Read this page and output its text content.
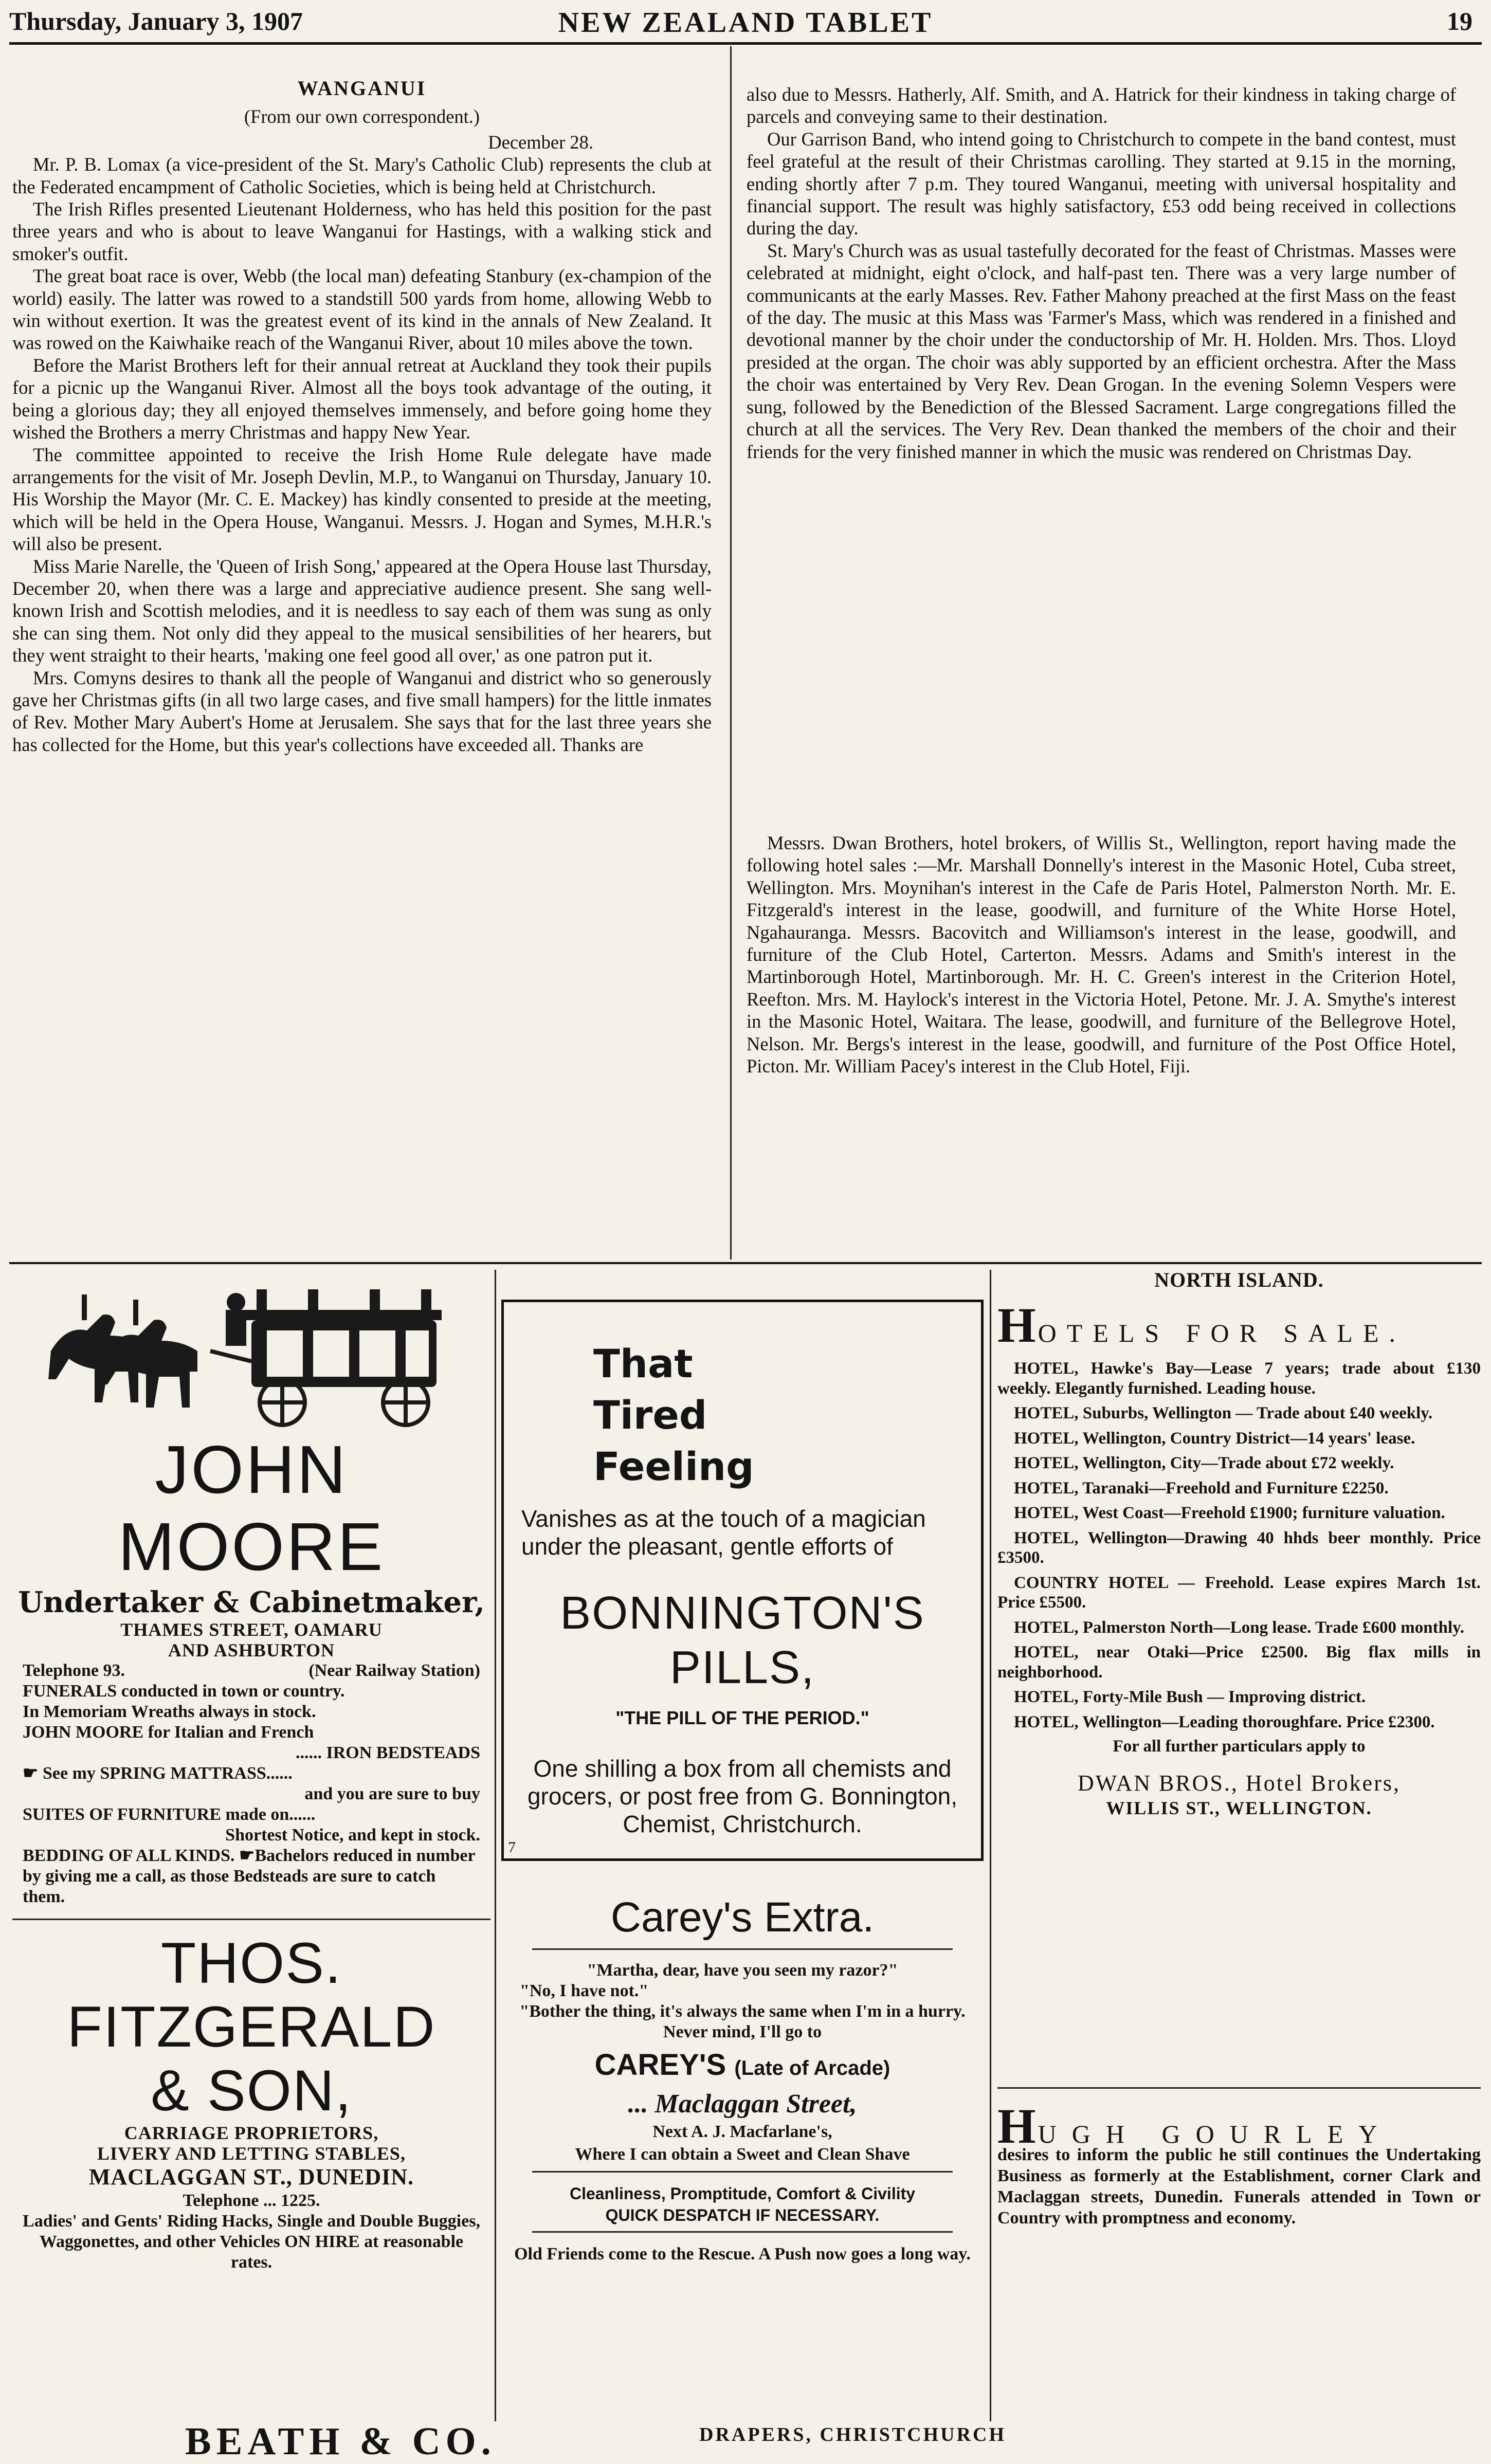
Thursday, January 3, 1907	NEW ZEALAND TABLET	19
WANGANUI
(From our own correspondent.)
December 28.

Mr. P. B. Lomax (a vice-president of the St. Mary's Catholic Club) represents the club at the Federated encampment of Catholic Societies, which is being held at Christchurch.

The Irish Rifles presented Lieutenant Holderness, who has held this position for the past three years and who is about to leave Wanganui for Hastings, with a walking stick and smoker's outfit.

The great boat race is over, Webb (the local man) defeating Stanbury (ex-champion of the world) easily. The latter was rowed to a standstill 500 yards from home, allowing Webb to win without exertion. It was the greatest event of its kind in the annals of New Zealand. It was rowed on the Kaiwhaike reach of the Wanganui River, about 10 miles above the town.

Before the Marist Brothers left for their annual retreat at Auckland they took their pupils for a picnic up the Wanganui River. Almost all the boys took advantage of the outing, it being a glorious day; they all enjoyed themselves immensely, and before going home they wished the Brothers a merry Christmas and happy New Year.

The committee appointed to receive the Irish Home Rule delegate have made arrangements for the visit of Mr. Joseph Devlin, M.P., to Wanganui on Thursday, January 10. His Worship the Mayor (Mr. C. E. Mackey) has kindly consented to preside at the meeting, which will be held in the Opera House, Wanganui. Messrs. J. Hogan and Symes, M.H.R.'s will also be present.

Miss Marie Narelle, the 'Queen of Irish Song,' appeared at the Opera House last Thursday, December 20, when there was a large and appreciative audience present. She sang well-known Irish and Scottish melodies, and it is needless to say each of them was sung as only she can sing them. Not only did they appeal to the musical sensibilities of her hearers, but they went straight to their hearts, 'making one feel good all over,' as one patron put it.

Mrs. Comyns desires to thank all the people of Wanganui and district who so generously gave her Christmas gifts (in all two large cases, and five small hampers) for the little inmates of Rev. Mother Mary Aubert's Home at Jerusalem. She says that for the last three years she has collected for the Home, but this year's collections have exceeded all. Thanks are

also due to Messrs. Hatherly, Alf. Smith, and A. Hatrick for their kindness in taking charge of parcels and conveying same to their destination.

Our Garrison Band, who intend going to Christchurch to compete in the band contest, must feel grateful at the result of their Christmas carolling. They started at 9.15 in the morning, ending shortly after 7 p.m. They toured Wanganui, meeting with universal hospitality and financial support. The result was highly satisfactory, £53 odd being received in collections during the day.

St. Mary's Church was as usual tastefully decorated for the feast of Christmas. Masses were celebrated at midnight, eight o'clock, and half-past ten. There was a very large number of communicants at the early Masses. Rev. Father Mahony preached at the first Mass on the feast of the day. The music at this Mass was 'Farmer's Mass, which was rendered in a finished and devotional manner by the choir under the conductorship of Mr. H. Holden. Mrs. Thos. Lloyd presided at the organ. The choir was ably supported by an efficient orchestra. After the Mass the choir was entertained by Very Rev. Dean Grogan. In the evening Solemn Vespers were sung, followed by the Benediction of the Blessed Sacrament. Large congregations filled the church at all the services. The Very Rev. Dean thanked the members of the choir and their friends for the very finished manner in which the music was rendered on Christmas Day.

Messrs. Dwan Brothers, hotel brokers, of Willis St., Wellington, report having made the following hotel sales :—Mr. Marshall Donnelly's interest in the Masonic Hotel, Cuba street, Wellington. Mrs. Moynihan's interest in the Cafe de Paris Hotel, Palmerston North. Mr. E. Fitzgerald's interest in the lease, goodwill, and furniture of the White Horse Hotel, Ngahauranga. Messrs. Bacovitch and Williamson's interest in the lease, goodwill, and furniture of the Club Hotel, Carterton. Messrs. Adams and Smith's interest in the Martinborough Hotel, Martinborough. Mr. H. C. Green's interest in the Criterion Hotel, Reefton. Mrs. M. Haylock's interest in the Victoria Hotel, Petone. Mr. J. A. Smythe's interest in the Masonic Hotel, Waitara. The lease, goodwill, and furniture of the Bellegrove Hotel, Nelson. Mr. Bergs's interest in the lease, goodwill, and furniture of the Post Office Hotel, Picton. Mr. William Pacey's interest in the Club Hotel, Fiji.

JOHN MOORE
Undertaker & Cabinetmaker,
THAMES STREET, OAMARU
AND ASHBURTON
Telephone 93.	(Near Railway Station)
FUNERALS conducted in town or country.
In Memoriam Wreaths always in stock.
JOHN MOORE for Italian and French
...... IRON BEDSTEADS
☛ See my SPRING MATTRASS......
and you are sure to buy
SUITES OF FURNITURE made on......
Shortest Notice, and kept in stock.
BEDDING OF ALL KINDS. ☛Bachelors reduced in number by giving me a call, as those Bedsteads are sure to catch them.
THOS. FITZGERALD
& SON,
CARRIAGE PROPRIETORS,
LIVERY AND LETTING STABLES,
MACLAGGAN ST., DUNEDIN.
Telephone ... 1225.
Ladies' and Gents' Riding Hacks, Single and Double Buggies, Waggonettes, and other Vehicles ON HIRE at reasonable rates.
That
Tired
Feeling
Vanishes as at the touch of a magician under the pleasant, gentle efforts of
BONNINGTON'S
PILLS,
"THE PILL OF THE PERIOD."
One shilling a box from all chemists and grocers, or post free from G. Bonnington, Chemist, Christchurch.
7
Carey's Extra.
"Martha, dear, have you seen my razor?"
"No, I have not."
"Bother the thing, it's always the same when I'm in a hurry. Never mind, I'll go to
CAREY'S (Late of Arcade)
... Maclaggan Street,
Next A. J. Macfarlane's,
Where I can obtain a Sweet and Clean Shave
Cleanliness, Promptitude, Comfort & Civility
QUICK DESPATCH IF NECESSARY.
Old Friends come to the Rescue. A Push now goes a long way.
NORTH ISLAND.
HOTELS FOR SALE.
HOTEL, Hawke's Bay—Lease 7 years; trade about £130 weekly. Elegantly furnished. Leading house.
HOTEL, Suburbs, Wellington — Trade about £40 weekly.
HOTEL, Wellington, Country District—14 years' lease.
HOTEL, Wellington, City—Trade about £72 weekly.
HOTEL, Taranaki—Freehold and Furniture £2250.
HOTEL, West Coast—Freehold £1900; furniture valuation.
HOTEL, Wellington—Drawing 40 hhds beer monthly. Price £3500.
COUNTRY HOTEL — Freehold. Lease expires March 1st. Price £5500.
HOTEL, Palmerston North—Long lease. Trade £600 monthly.
HOTEL, near Otaki—Price £2500. Big flax mills in neighborhood.
HOTEL, Forty-Mile Bush — Improving district.
HOTEL, Wellington—Leading thoroughfare. Price £2300.
For all further particulars apply to
DWAN BROS., Hotel Brokers,
WILLIS ST., WELLINGTON.
HUGH GOURLEY
desires to inform the public he still continues the Undertaking Business as formerly at the Establishment, corner Clark and Maclaggan streets, Dunedin. Funerals attended in Town or Country with promptness and economy.
BEATH & CO.	DRAPERS, CHRISTCHURCH
